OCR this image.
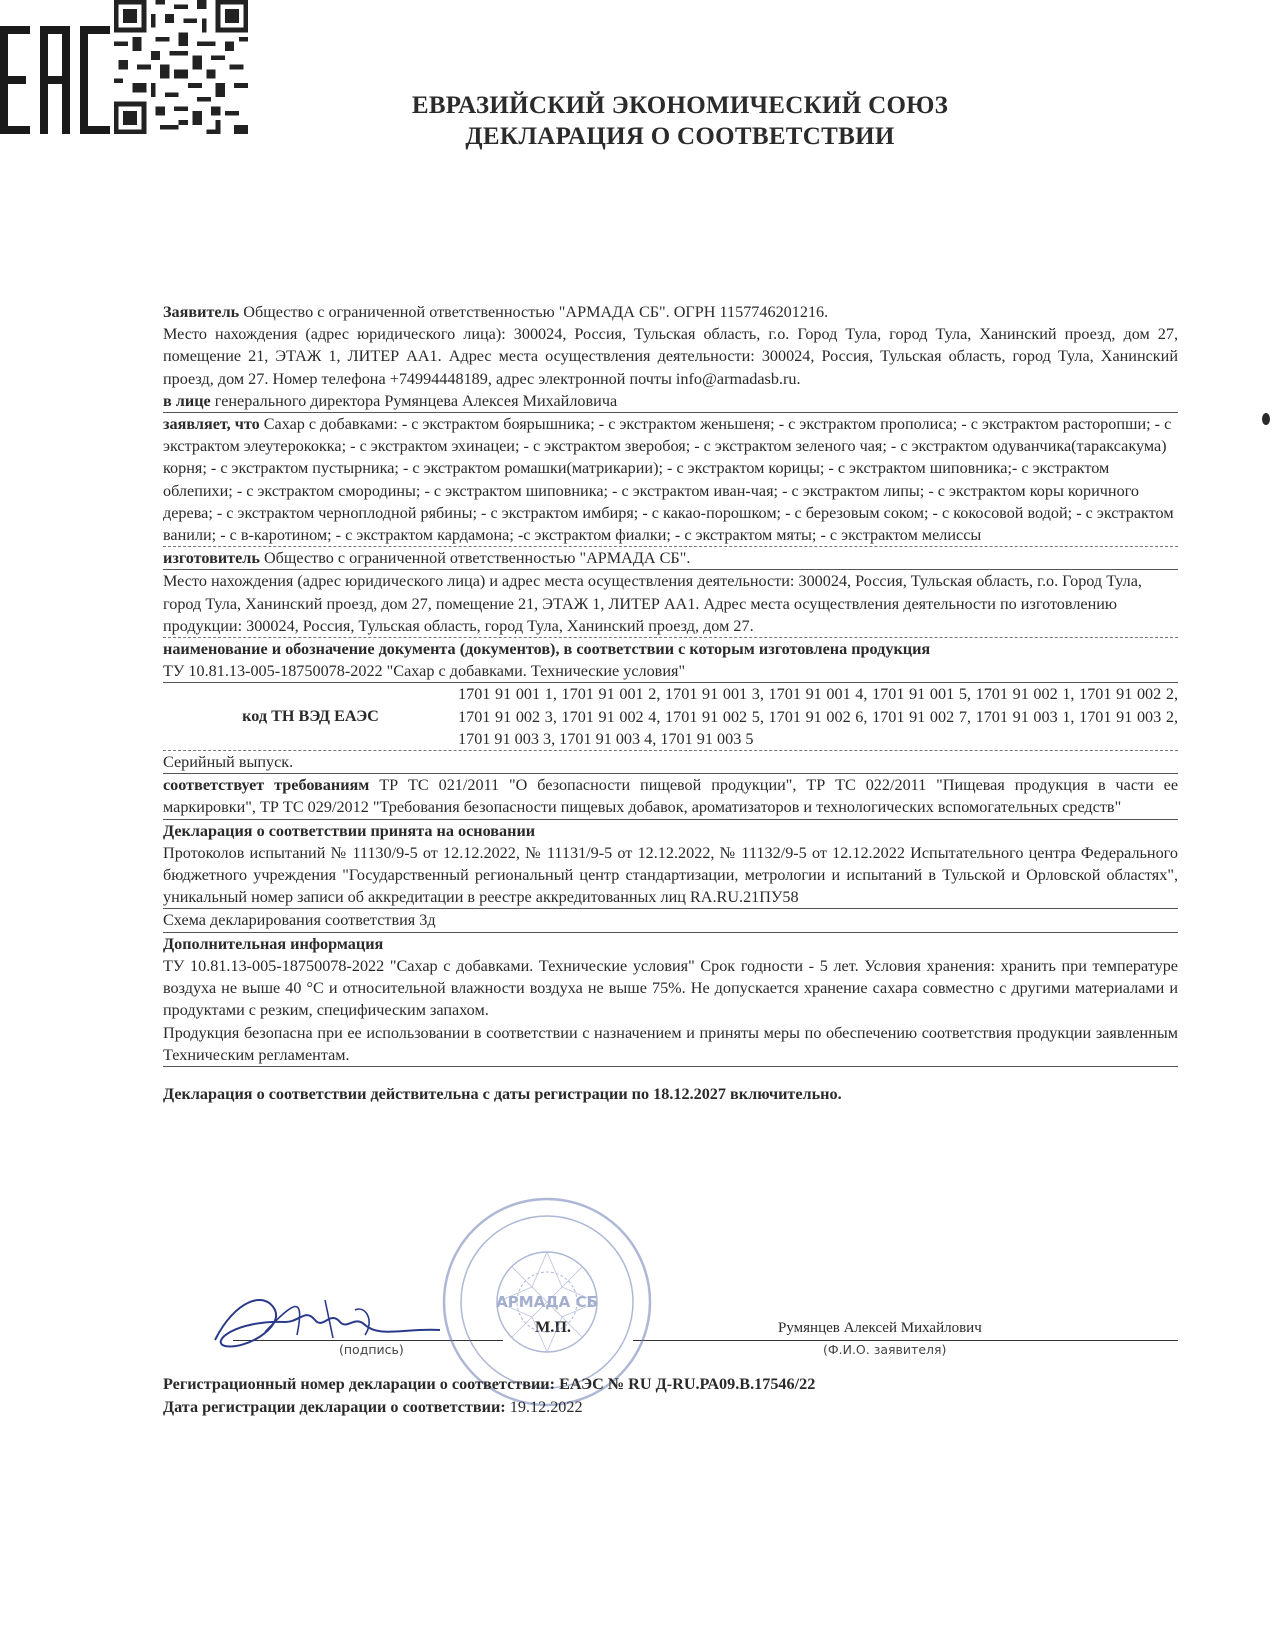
ЕВРАЗИЙСКИЙ ЭКОНОМИЧЕСКИЙ СОЮЗ
ДЕКЛАРАЦИЯ О СООТВЕТСТВИИ

Заявитель Общество с ограниченной ответственностью "АРМАДА СБ". ОГРН 1157746201216.
Место нахождения (адрес юридического лица): 300024, Россия, Тульская область, г.о. Город Тула, город Тула, Ханинский проезд, дом 27, помещение 21, ЭТАЖ 1, ЛИТЕР АА1. Адрес места осуществления деятельности: 300024, Россия, Тульская область, город Тула, Ханинский проезд, дом 27. Номер телефона +74994448189, адрес электронной почты info@armadasb.ru.
в лице генерального директора Румянцева Алексея Михайловича
заявляет, что Сахар с добавками: - с экстрактом боярышника; - с экстрактом женьшеня; - с экстрактом прополиса; - с экстрактом расторопши; - с экстрактом элеутерококка; - с экстрактом эхинацеи; - с экстрактом зверобоя; - с экстрактом зеленого чая; - с экстрактом одуванчика(тараксакума) корня; - с экстрактом пустырника; - с экстрактом ромашки(матрикарии); - с экстрактом корицы; - с экстрактом шиповника;- с экстрактом облепихи; - с экстрактом смородины; - с экстрактом шиповника; - с экстрактом иван-чая; - с экстрактом липы; - с экстрактом коры коричного дерева; - с экстрактом черноплодной рябины; - с экстрактом имбиря; - с какао-порошком; - с березовым соком; - с кокосовой водой; - с экстрактом ванили; - с в-каротином; - с экстрактом кардамона; -с экстрактом фиалки; - с экстрактом мяты; - с экстрактом мелиссы
изготовитель Общество с ограниченной ответственностью "АРМАДА СБ".
Место нахождения (адрес юридического лица) и адрес места осуществления деятельности: 300024, Россия, Тульская область, г.о. Город Тула, город Тула, Ханинский проезд, дом 27, помещение 21, ЭТАЖ 1, ЛИТЕР АА1. Адрес места осуществления деятельности по изготовлению продукции: 300024, Россия, Тульская область, город Тула, Ханинский проезд, дом 27.
наименование и обозначение документа (документов), в соответствии с которым изготовлена продукция
ТУ 10.81.13-005-18750078-2022 "Сахар с добавками. Технические условия"
код ТН ВЭД ЕАЭС
1701 91 001 1, 1701 91 001 2, 1701 91 001 3, 1701 91 001 4, 1701 91 001 5, 1701 91 002 1, 1701 91 002 2, 1701 91 002 3, 1701 91 002 4, 1701 91 002 5, 1701 91 002 6, 1701 91 002 7, 1701 91 003 1, 1701 91 003 2, 1701 91 003 3, 1701 91 003 4, 1701 91 003 5
Серийный выпуск.
соответствует требованиям ТР ТС 021/2011 "О безопасности пищевой продукции", ТР ТС 022/2011 "Пищевая продукция в части ее маркировки", ТР ТС 029/2012 "Требования безопасности пищевых добавок, ароматизаторов и технологических вспомогательных средств"
Декларация о соответствии принята на основании
Протоколов испытаний № 11130/9-5 от 12.12.2022, № 11131/9-5 от 12.12.2022, № 11132/9-5 от 12.12.2022 Испытательного центра Федерального бюджетного учреждения "Государственный региональный центр стандартизации, метрологии и испытаний в Тульской и Орловской областях", уникальный номер записи об аккредитации в реестре аккредитованных лиц RA.RU.21ПУ58
Схема декларирования соответствия 3д
Дополнительная информация
ТУ 10.81.13-005-18750078-2022 "Сахар с добавками. Технические условия" Срок годности - 5 лет. Условия хранения: хранить при температуре воздуха не выше 40 °С и относительной влажности воздуха не выше 75%. Не допускается хранение сахара совместно с другими материалами и продуктами с резким, специфическим запахом.
Продукция безопасна при ее использовании в соответствии с назначением и приняты меры по обеспечению соответствия продукции заявленным Техническим регламентам.
Декларация о соответствии действительна с даты регистрации по 18.12.2027 включительно.
(подпись)
М.П.	Румянцев Алексей Михайлович
(Ф.И.О. заявителя)
АРМАДА СБ
Регистрационный номер декларации о соответствии: ЕАЭС № RU Д-RU.РА09.В.17546/22
Дата регистрации декларации о соответствии: 19.12.2022
